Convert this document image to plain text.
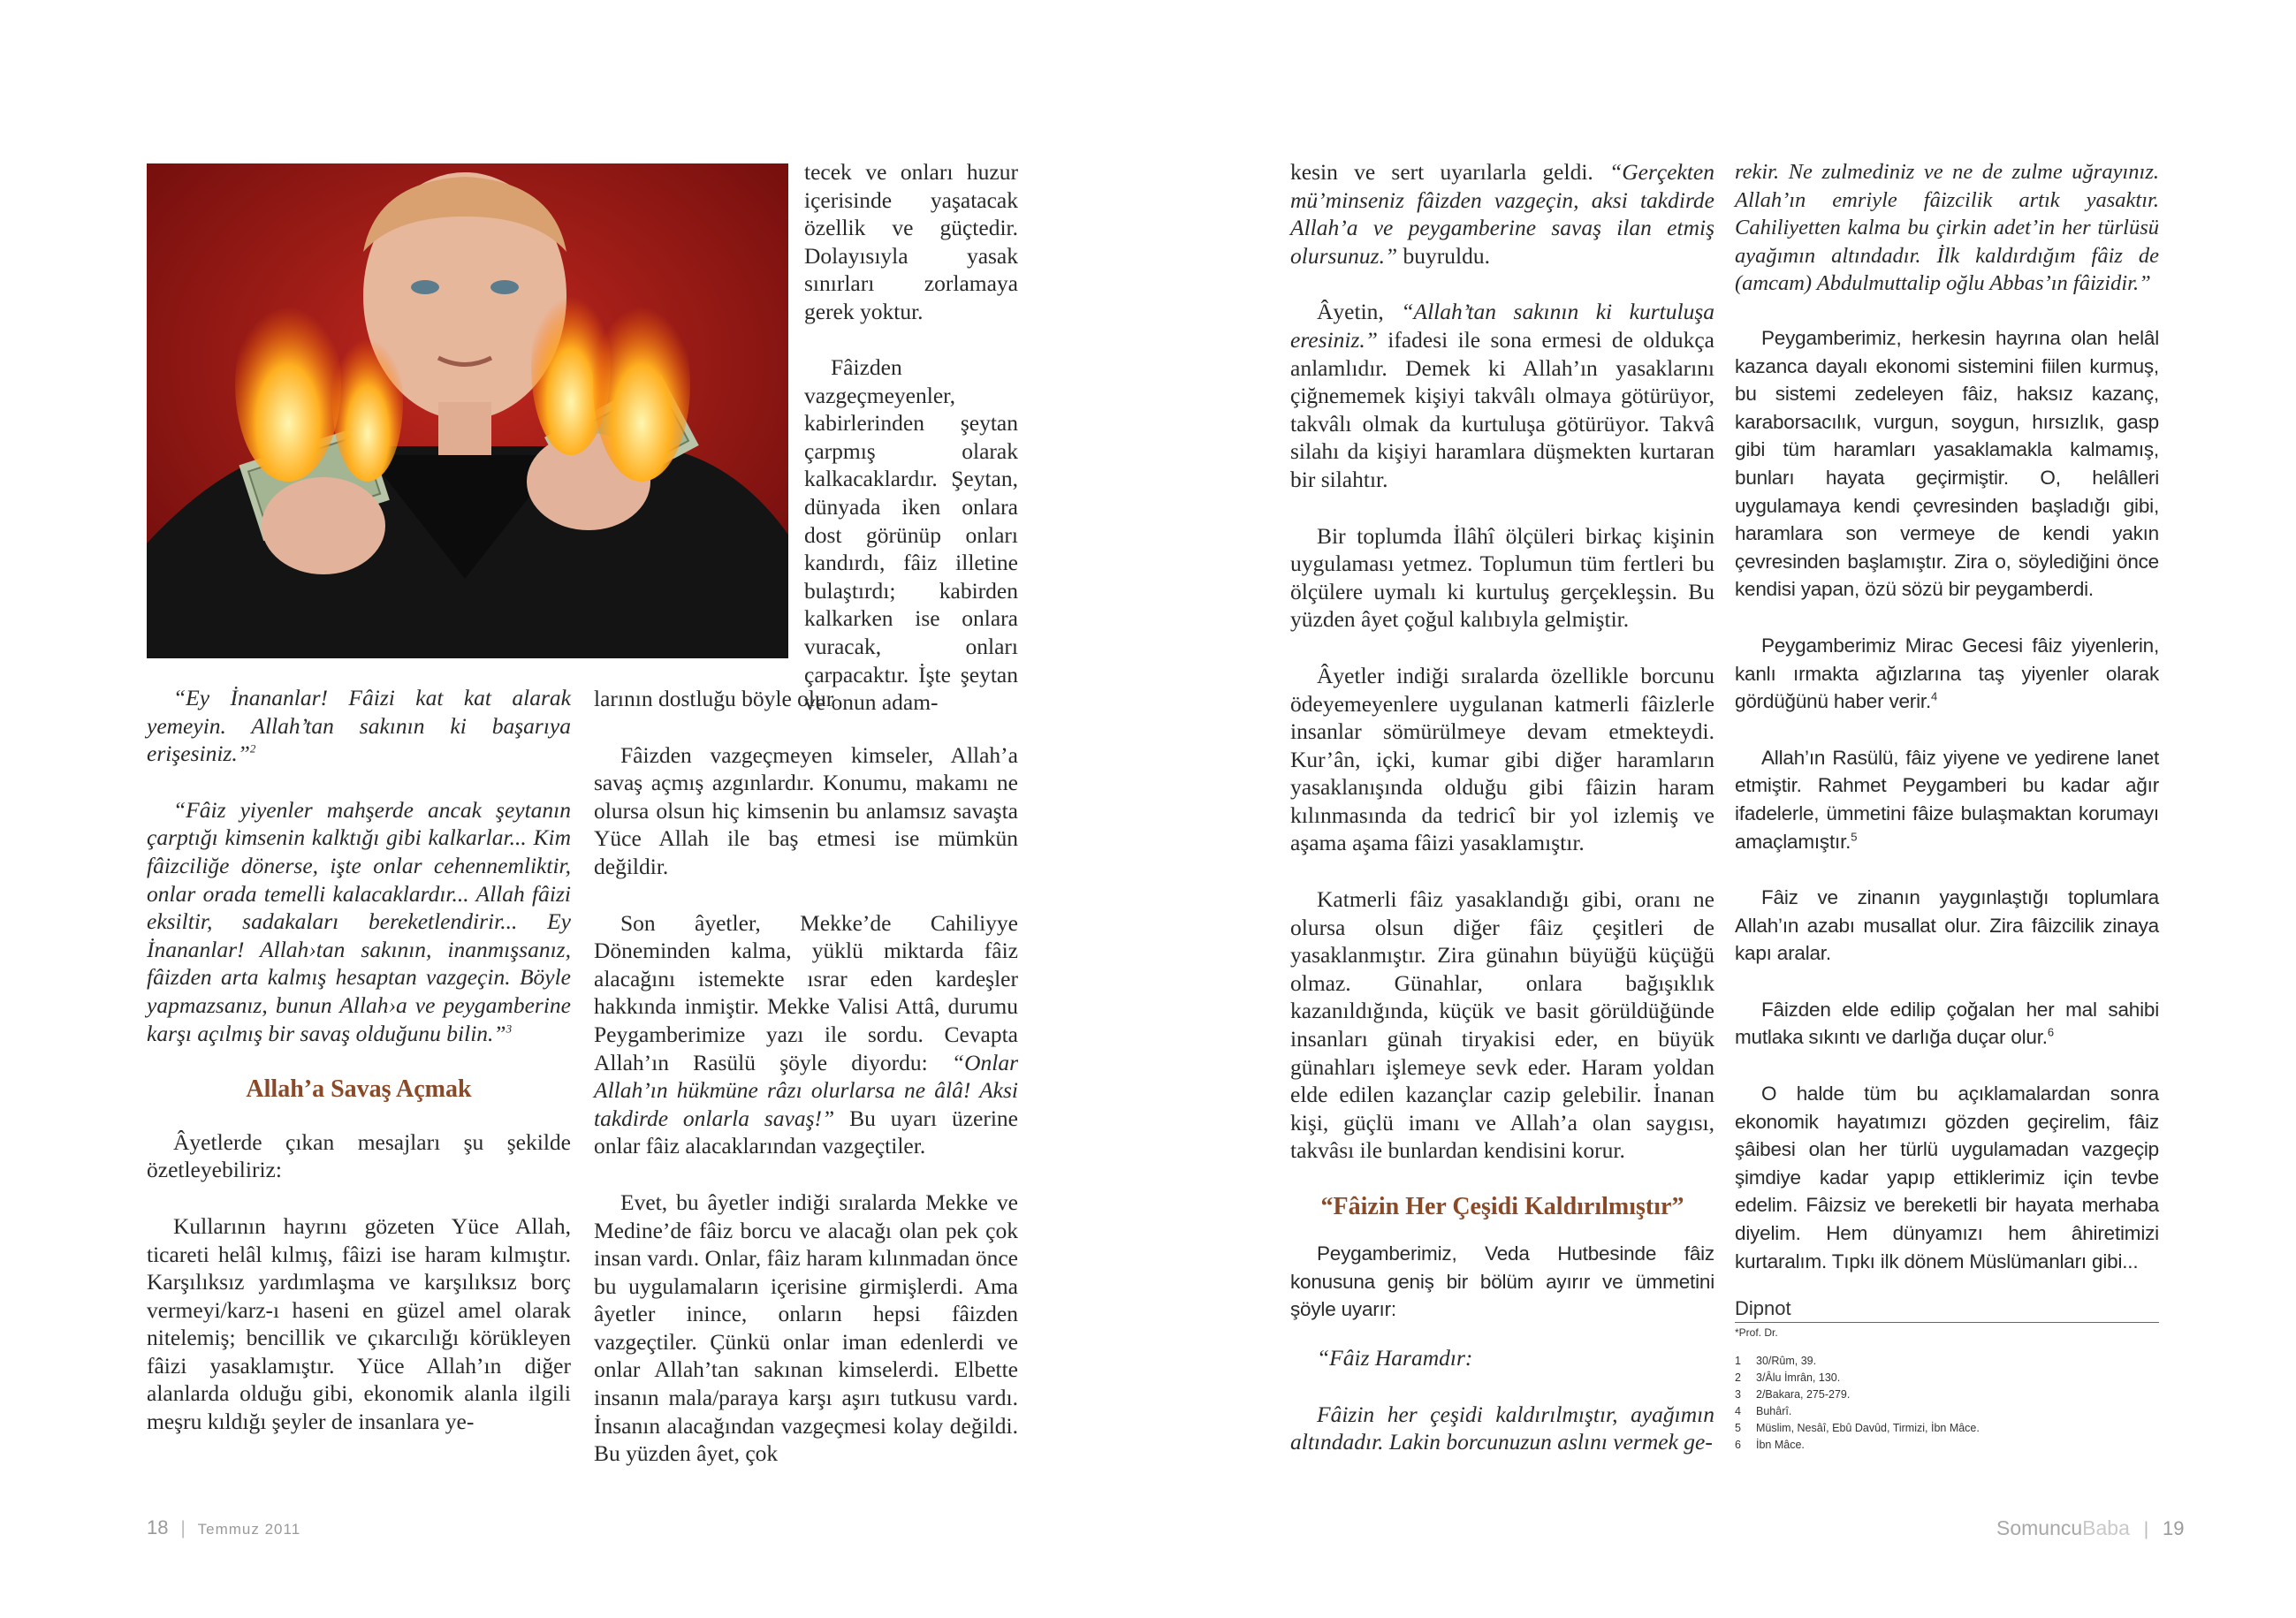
“Ey İnananlar! Fâizi kat kat alarak yemeyin. Allah’tan sakının ki başarıya erişesiniz.”$^2$

“Fâiz yiyenler mahşerde ancak şeytanın çarptığı kimsenin kalktığı gibi kalkarlar... Kim fâizciliğe dönerse, işte onlar cehennemliktir, onlar orada temelli kalacaklardır... Allah fâizi eksiltir, sadakaları bereketlendirir... Ey İnananlar! Allah›tan sakının, inanmışsanız, fâizden arta kalmış hesaptan vazgeçin. Böyle yapmazsanız, bunun Allah›a ve peygamberine karşı açılmış bir savaş olduğunu bilin.”$^3$

Allah’a Savaş Açmak

Âyetlerde çıkan mesajları şu şekilde özetleyebiliriz:

Kullarının hayrını gözeten Yüce Allah, ticareti helâl kılmış, fâizi ise haram kılmıştır. Karşılıksız yardımlaşma ve karşılıksız borç vermeyi/karz-ı haseni en güzel amel olarak nitelemiş; bencillik ve çıkarcılığı körükleyen fâizi yasaklamıştır. Yüce Allah’ın diğer alanlarda olduğu gibi, ekonomik alanla ilgili meşru kıldığı şeyler de insanlara ye-

tecek ve onları huzur içerisinde yaşatacak özellik ve güçtedir. Dolayısıyla yasak sınırları zorlamaya gerek yoktur.

Fâizden vazgeçmeyenler, kabirlerinden şeytan çarpmış olarak kalkacaklardır. Şeytan, dünyada iken onlara dost görünüp onları kandırdı, fâiz illetine bulaştırdı; kabirden kalkarken ise onlara vuracak, onları çarpacaktır. İşte şeytan ve onun adam-

larının dostluğu böyle olur

Fâizden vazgeçmeyen kimseler, Allah’a savaş açmış azgınlardır. Konumu, makamı ne olursa olsun hiç kimsenin bu anlamsız savaşta Yüce Allah ile baş etmesi ise mümkün değildir.

Son âyetler, Mekke’de Cahiliyye Döneminden kalma, yüklü miktarda fâiz alacağını istemekte ısrar eden kardeşler hakkında inmiştir. Mekke Valisi Attâ, durumu Peygamberimize yazı ile sordu. Cevapta Allah’ın Rasülü şöyle diyordu: “Onlar Allah’ın hükmüne râzı olurlarsa ne âlâ! Aksi takdirde onlarla savaş!” Bu uyarı üzerine onlar fâiz alacaklarından vazgeçtiler.

Evet, bu âyetler indiği sıralarda Mekke ve Medine’de fâiz borcu ve alacağı olan pek çok insan vardı. Onlar, fâiz haram kılınmadan önce bu uygulamaların içerisine girmişlerdi. Ama âyetler inince, onların hepsi fâizden vazgeçtiler. Çünkü onlar iman edenlerdi ve onlar Allah’tan sakınan kimselerdi. Elbette insanın mala/paraya karşı aşırı tutkusu vardı. İnsanın alacağından vazgeçmesi kolay değildi. Bu yüzden âyet, çok

18 | Temmuz 2011

kesin ve sert uyarılarla geldi. “Gerçekten mü’minseniz fâizden vazgeçin, aksi takdirde Allah’a ve peygamberine savaş ilan etmiş olursunuz.” buyruldu.

Âyetin, “Allah’tan sakının ki kurtuluşa eresiniz.” ifadesi ile sona ermesi de oldukça anlamlıdır. Demek ki Allah’ın yasaklarını çiğnememek kişiyi takvâlı olmaya götürüyor, takvâlı olmak da kurtuluşa götürüyor. Takvâ silahı da kişiyi haramlara düşmekten kurtaran bir silahtır.

Bir toplumda İlâhî ölçüleri birkaç kişinin uygulaması yetmez. Toplumun tüm fertleri bu ölçülere uymalı ki kurtuluş gerçekleşsin. Bu yüzden âyet çoğul kalıbıyla gelmiştir.

Âyetler indiği sıralarda özellikle borcunu ödeyemeyenlere uygulanan katmerli fâizlerle insanlar sömürülmeye devam etmekteydi. Kur’ân, içki, kumar gibi diğer haramların yasaklanışında olduğu gibi fâizin haram kılınmasında da tedricî bir yol izlemiş ve aşama aşama fâizi yasaklamıştır.

Katmerli fâiz yasaklandığı gibi, oranı ne olursa olsun diğer fâiz çeşitleri de yasaklanmıştır. Zira günahın büyüğü küçüğü olmaz. Günahlar, onlara bağışıklık kazanıldığında, küçük ve basit görüldüğünde insanları günah tiryakisi eder, en büyük günahları işlemeye sevk eder. Haram yoldan elde edilen kazançlar cazip gelebilir. İnanan kişi, güçlü imanı ve Allah’a olan saygısı, takvâsı ile bunlardan kendisini korur.

“Fâizin Her Çeşidi Kaldırılmıştır”

Peygamberimiz, Veda Hutbesinde fâiz konusuna geniş bir bölüm ayırır ve ümmetini şöyle uyarır:

“Fâiz Haramdır:

Fâizin her çeşidi kaldırılmıştır, ayağımın altındadır. Lakin borcunuzun aslını vermek ge-

rekir. Ne zulmediniz ve ne de zulme uğrayınız. Allah’ın emriyle fâizcilik artık yasaktır. Cahiliyetten kalma bu çirkin adet’in her türlüsü ayağımın altındadır. İlk kaldırdığım fâiz de (amcam) Abdulmuttalip oğlu Abbas’ın fâizidir.”

Peygamberimiz, herkesin hayrına olan helâl kazanca dayalı ekonomi sistemini fiilen kurmuş, bu sistemi zedeleyen fâiz, haksız kazanç, karaborsacılık, vurgun, soygun, hırsızlık, gasp gibi tüm haramları yasaklamakla kalmamış, bunları hayata geçirmiştir. O, helâlleri uygulamaya kendi çevresinden başladığı gibi, haramlara son vermeye de kendi yakın çevresinden başlamıştır. Zira o, söylediğini önce kendisi yapan, özü sözü bir peygamberdi.

Peygamberimiz Mirac Gecesi fâiz yiyenlerin, kanlı ırmakta ağızlarına taş yiyenler olarak gördüğünü haber verir.$^4$

Allah’ın Rasülü, fâiz yiyene ve yedirene lanet etmiştir. Rahmet Peygamberi bu kadar ağır ifadelerle, ümmetini fâize bulaşmaktan korumayı amaçlamıştır.$^5$

Fâiz ve zinanın yaygınlaştığı toplumlara Allah’ın azabı musallat olur. Zira fâizcilik zinaya kapı aralar.

Fâizden elde edilip çoğalan her mal sahibi mutlaka sıkıntı ve darlığa duçar olur.$^6$

O halde tüm bu açıklamalardan sonra ekonomik hayatımızı gözden geçirelim, fâiz şâibesi olan her türlü uygulamadan vazgeçip şimdiye kadar yapıp ettiklerimiz için tevbe edelim. Fâizsiz ve bereketli bir hayata merhaba diyelim. Hem dünyamızı hem âhiretimizi kurtaralım. Tıpkı ilk dönem Müslümanları gibi...

Dipnot
*Prof. Dr.
1 30/Rûm, 39.
2 3/Âlu İmrân, 130.
3 2/Bakara, 275-279.
4 Buhârî.
5 Müslim, Nesâî, Ebû Davûd, Tirmizi, İbn Mâce.
6 İbn Mâce.
SomuncuBaba | 19
